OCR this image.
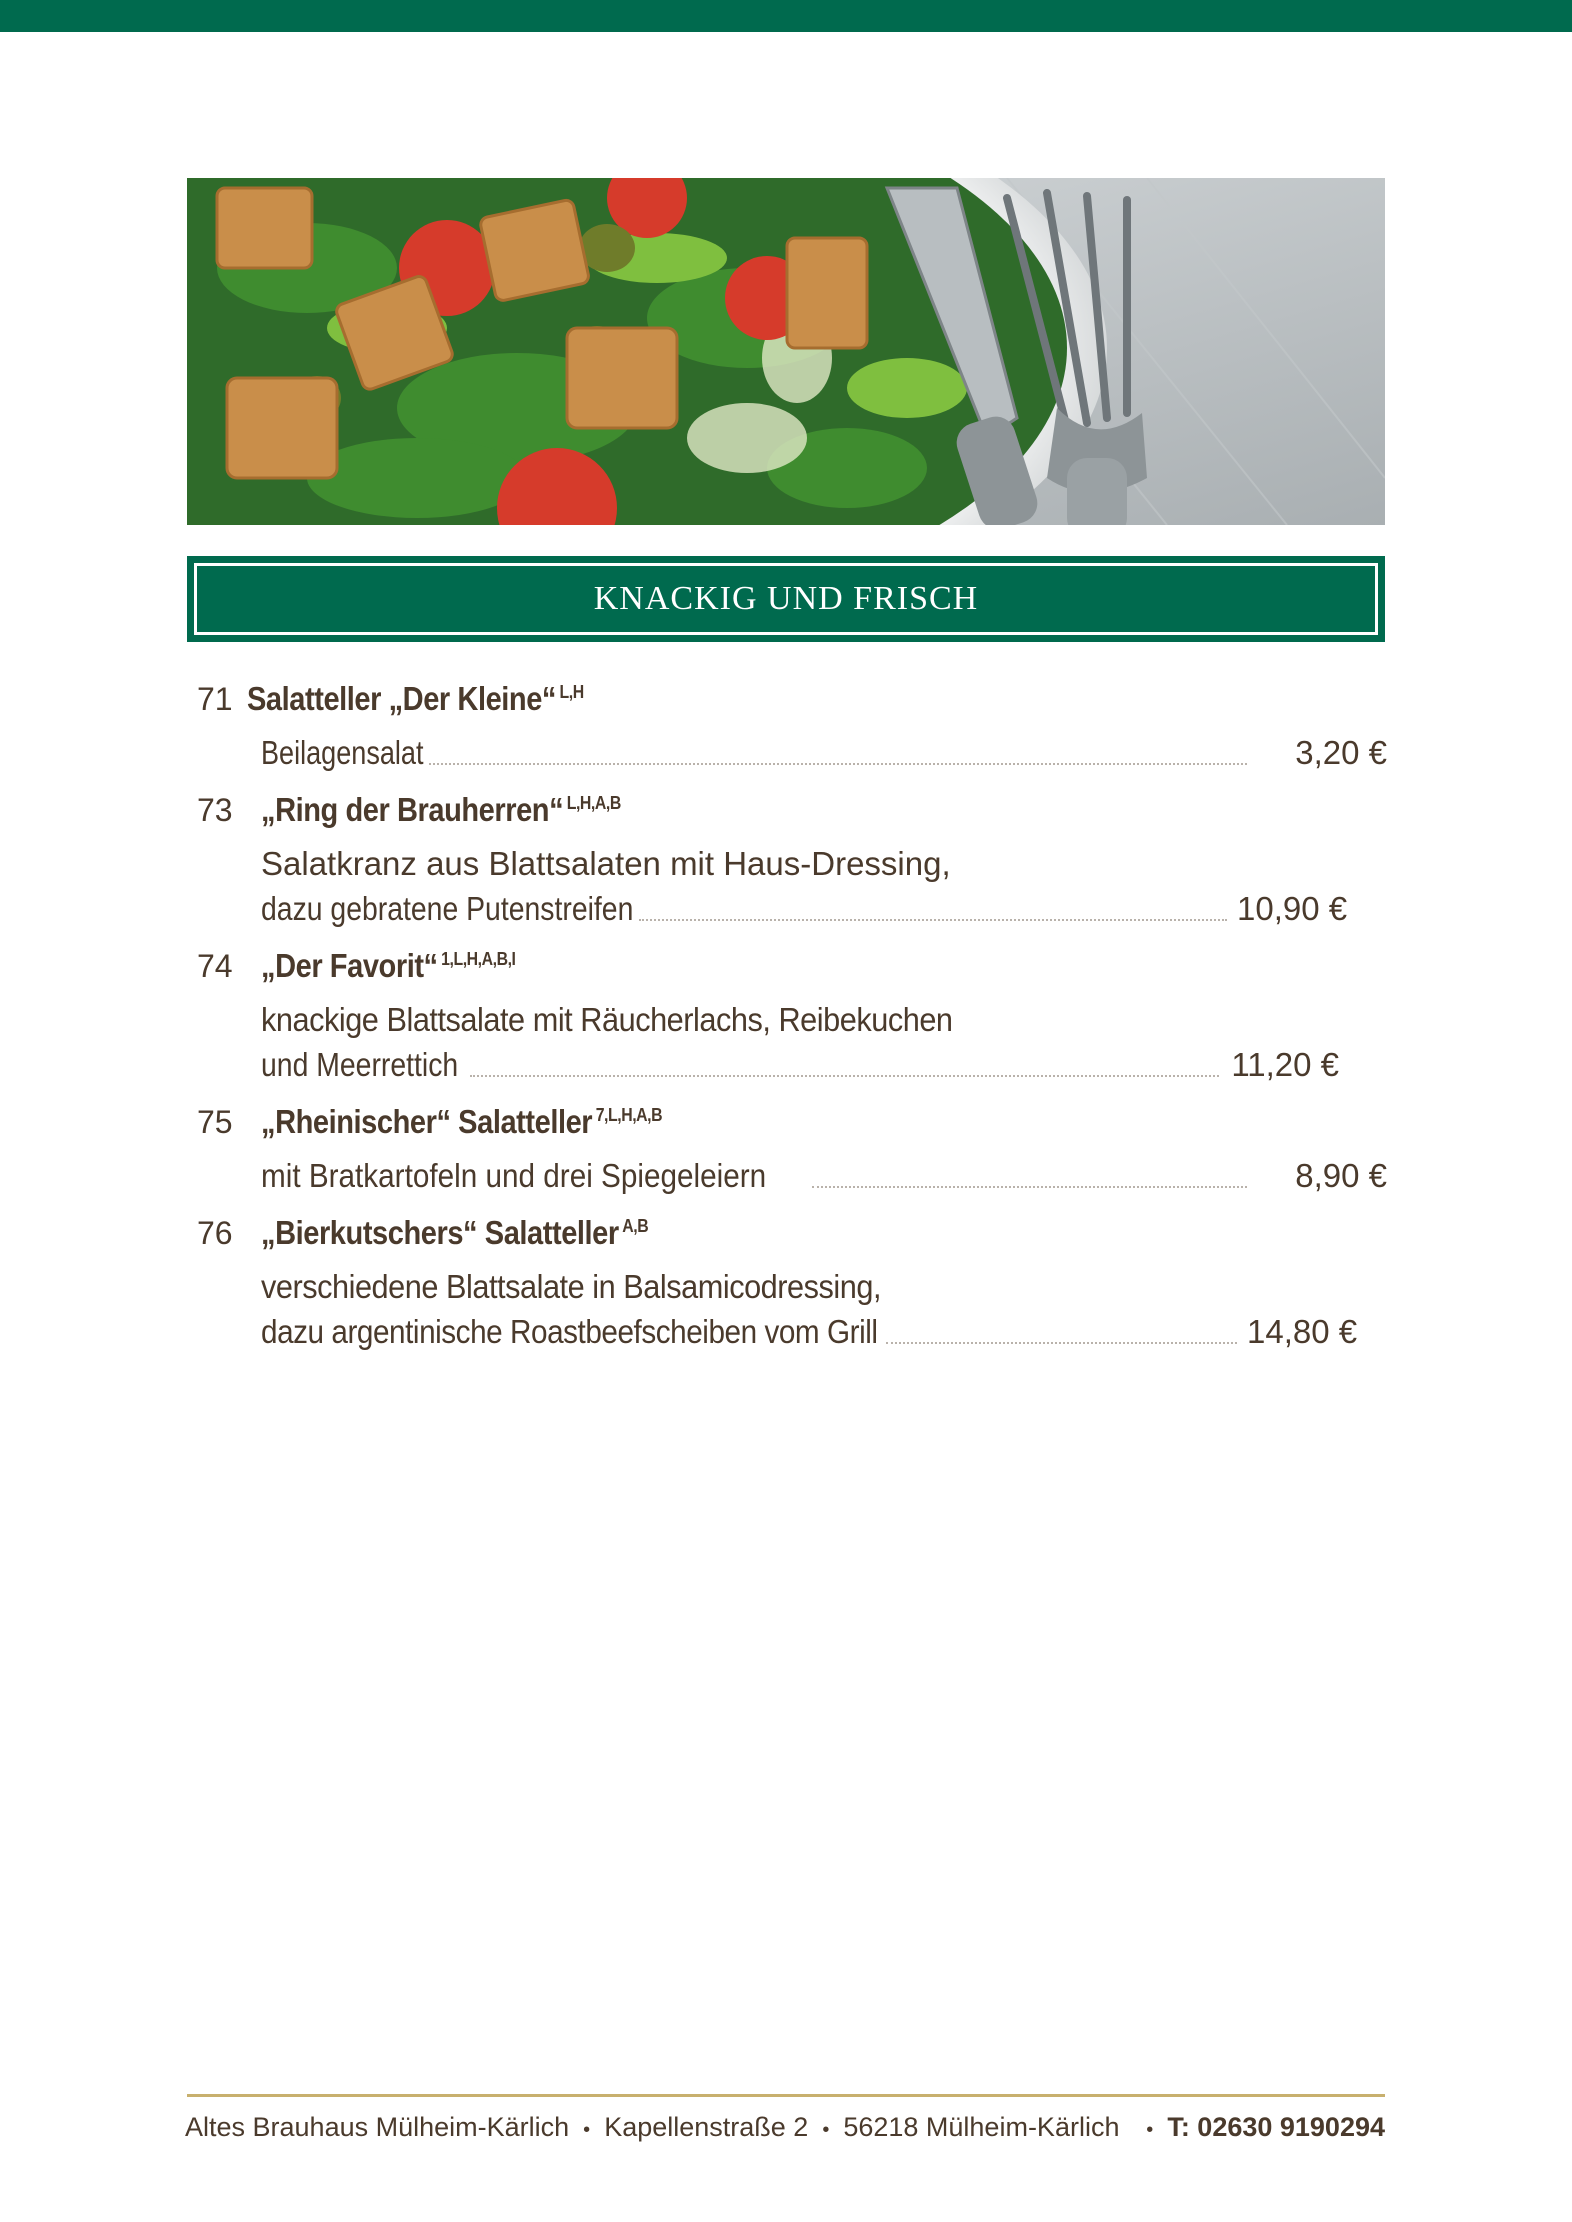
KNACKIG UND FRISCH
71 Salatteller „Der Kleine“ $^{L,H}$
Beilagensalat	3,20 €
73 „Ring der Brauherren“ $^{L,H,A,B}$
Salatkranz aus Blattsalaten mit Haus-Dressing,
dazu gebratene Putenstreifen	10,90 €
74 „Der Favorit“ $^{1,L,H,A,B,I}$
knackige Blattsalate mit Räucherlachs, Reibekuchen
und Meerrettich	11,20 €
75 „Rheinischer“ Salatteller $^{7,L,H,A,B}$
mit Bratkartofeln und drei Spiegeleiern	8,90 €
76 „Bierkutschers“ Salatteller $^{A,B}$
verschiedene Blattsalate in Balsamicodressing,
dazu argentinische Roastbeefscheiben vom Grill	14,80 €
Altes Brauhaus Mülheim-Kärlich • Kapellenstraße 2 • 56218 Mülheim-Kärlich • T: 02630 9190294
